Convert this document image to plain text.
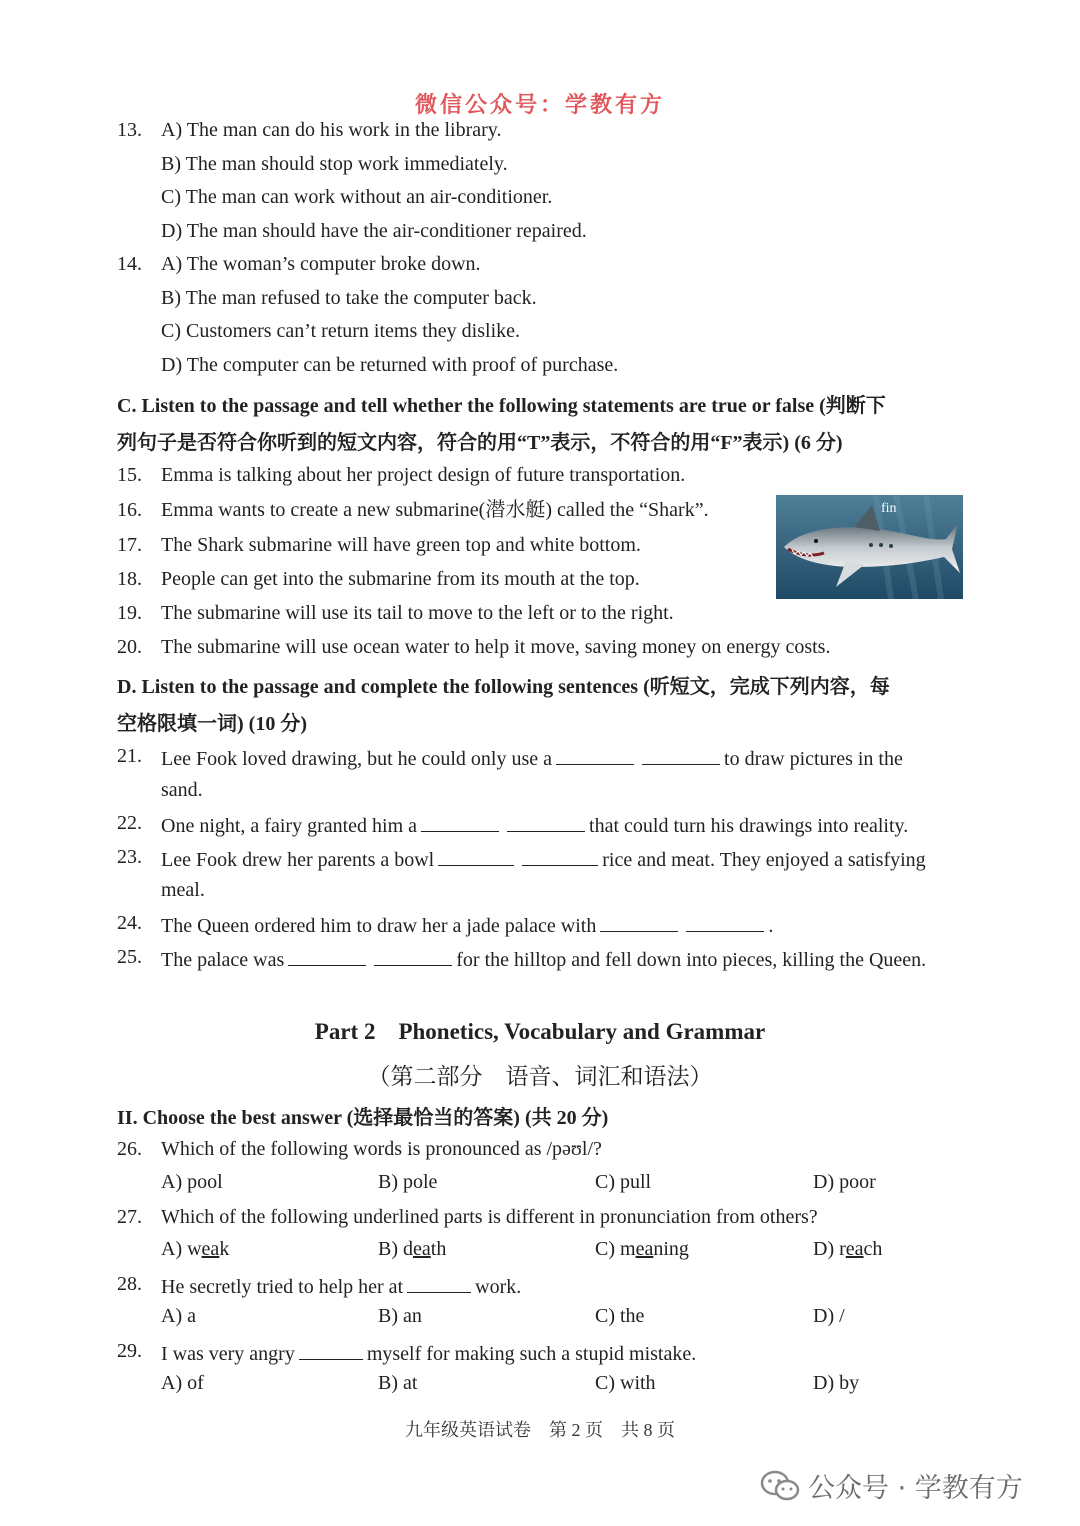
微信公众号：学教有方
13. A) The man can do his work in the library.
B) The man should stop work immediately.
C) The man can work without an air-conditioner.
D) The man should have the air-conditioner repaired.
14. A) The woman’s computer broke down.
B) The man refused to take the computer back.
C) Customers can’t return items they dislike.
D) The computer can be returned with proof of purchase.
C. Listen to the passage and tell whether the following statements are true or false (判断下
列句子是否符合你听到的短文内容，符合的用“T”表示，不符合的用“F”表示) (6 分)
15. Emma is talking about her project design of future transportation.
16. Emma wants to create a new submarine(潜水艇) called the “Shark”.
17. The Shark submarine will have green top and white bottom.
18. People can get into the submarine from its mouth at the top.
19. The submarine will use its tail to move to the left or to the right.
20. The submarine will use ocean water to help it move, saving money on energy costs.
fin
D. Listen to the passage and complete the following sentences (听短文，完成下列内容，每
空格限填一词) (10 分)
21. Lee Fook loved drawing, but he could only use a	to draw pictures in the
sand.
22. One night, a fairy granted him a	that could turn his drawings into reality.
23. Lee Fook drew her parents a bowl	rice and meat. They enjoyed a satisfying
meal.
24. The Queen ordered him to draw her a jade palace with	.
25. The palace was	for the hilltop and fell down into pieces, killing the Queen.
Part 2    Phonetics, Vocabulary and Grammar
（第二部分    语音、词汇和语法）
II. Choose the best answer (选择最恰当的答案) (共 20 分)
26. Which of the following words is pronounced as /pəʊl/?
A) pool	B) pole	C) pull	D) poor
27. Which of the following underlined parts is different in pronunciation from others?
A) weak	B) death	C) meaning	D) reach
28. He secretly tried to help her at	work.
A) a	B) an	C) the	D) /
29. I was very angry	myself for making such a stupid mistake.
A) of	B) at	C) with	D) by
九年级英语试卷    第 2 页    共 8 页
公众号 · 学教有方
